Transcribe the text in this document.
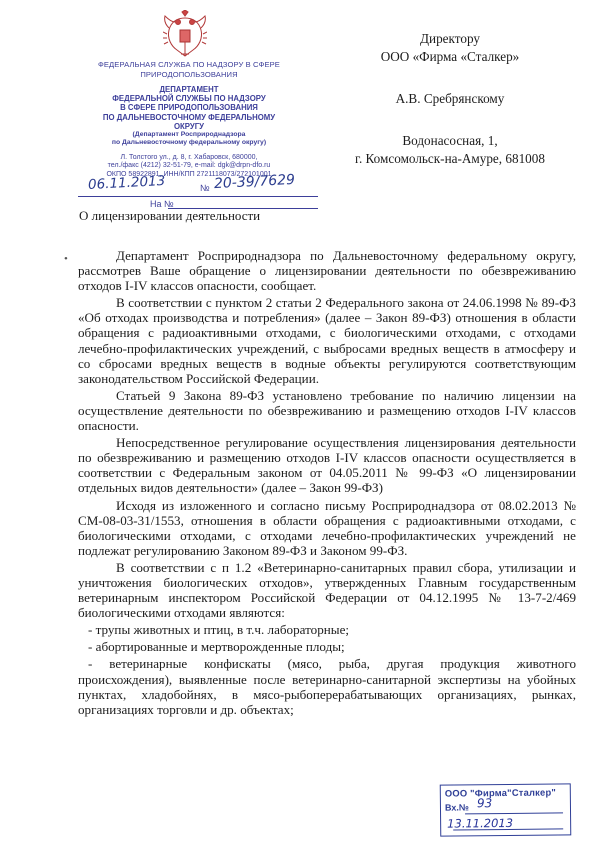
ФЕДЕРАЛЬНАЯ СЛУЖБА ПО НАДЗОРУ В СФЕРЕ
ПРИРОДОПОЛЬЗОВАНИЯ
ДЕПАРТАМЕНТ
ФЕДЕРАЛЬНОЙ СЛУЖБЫ ПО НАДЗОРУ
В СФЕРЕ ПРИРОДОПОЛЬЗОВАНИЯ
ПО ДАЛЬНЕВОСТОЧНОМУ ФЕДЕРАЛЬНОМУ
ОКРУГУ
(Департамент Росприроднадзора
по Дальневосточному федеральному округу)
Л. Толстого ул., д. 8, г. Хабаровск, 680000,
тел./факс (4212) 32-51-79, e-mail: dgk@drpn-dfo.ru
ОКПО 58922891, ИНН/КПП 2721118073/272101001
06.11.2013	№ 20-39/7629
На №
О лицензировании деятельности
Директору
ООО «Фирма «Сталкер»
А.В. Сребрянскому
Водонасосная, 1,
г. Комсомольск-на-Амуре, 681008
•	Департамент Росприроднадзора по Дальневосточному федеральному округу, рассмотрев Ваше обращение о лицензировании деятельности по обезвреживанию отходов I-IV классов опасности, сообщает.

В соответствии с пунктом 2 статьи 2 Федерального закона от 24.06.1998 № 89-ФЗ «Об отходах производства и потребления» (далее – Закон 89-ФЗ) отношения в области обращения с радиоактивными отходами, с биологическими отходами, с отходами лечебно-профилактических учреждений, с выбросами вредных веществ в атмосферу и со сбросами вредных веществ в водные объекты регулируются соответствующим законодательством Российской Федерации.

Статьей 9 Закона 89-ФЗ установлено требование по наличию лицензии на осуществление деятельности по обезвреживанию и размещению отходов I-IV классов опасности.

Непосредственное регулирование осуществления лицензирования деятельности по обезвреживанию и размещению отходов I-IV классов опасности осуществляется в соответствии с Федеральным законом от 04.05.2011 № 99-ФЗ «О лицензировании отдельных видов деятельности» (далее – Закон 99-ФЗ)

Исходя из изложенного и согласно письму Росприроднадзора от 08.02.2013 № СМ-08-03-31/1553, отношения в области обращения с радиоактивными отходами, с биологическими отходами, с отходами лечебно-профилактических учреждений не подлежат регулированию Законом 89-ФЗ и Законом 99-ФЗ.

В соответствии с п 1.2 «Ветеринарно-санитарных правил сбора, утилизации и уничтожения биологических отходов», утвержденных Главным государственным ветеринарным инспектором Российской Федерации от 04.12.1995 № 13-7-2/469 биологическими отходами являются:

- трупы животных и птиц, в т.ч. лабораторные;
- абортированные и мертворожденные плоды;
- ветеринарные конфискаты (мясо, рыба, другая продукция животного происхождения), выявленные после ветеринарно-санитарной экспертизы на убойных пунктах, хладобойнях, в мясо-рыбоперерабатывающих организациях, рынках, организациях торговли и др. объектах;
ООО "Фирма"Сталкер"
Вх.№ 93
13.11.2013
